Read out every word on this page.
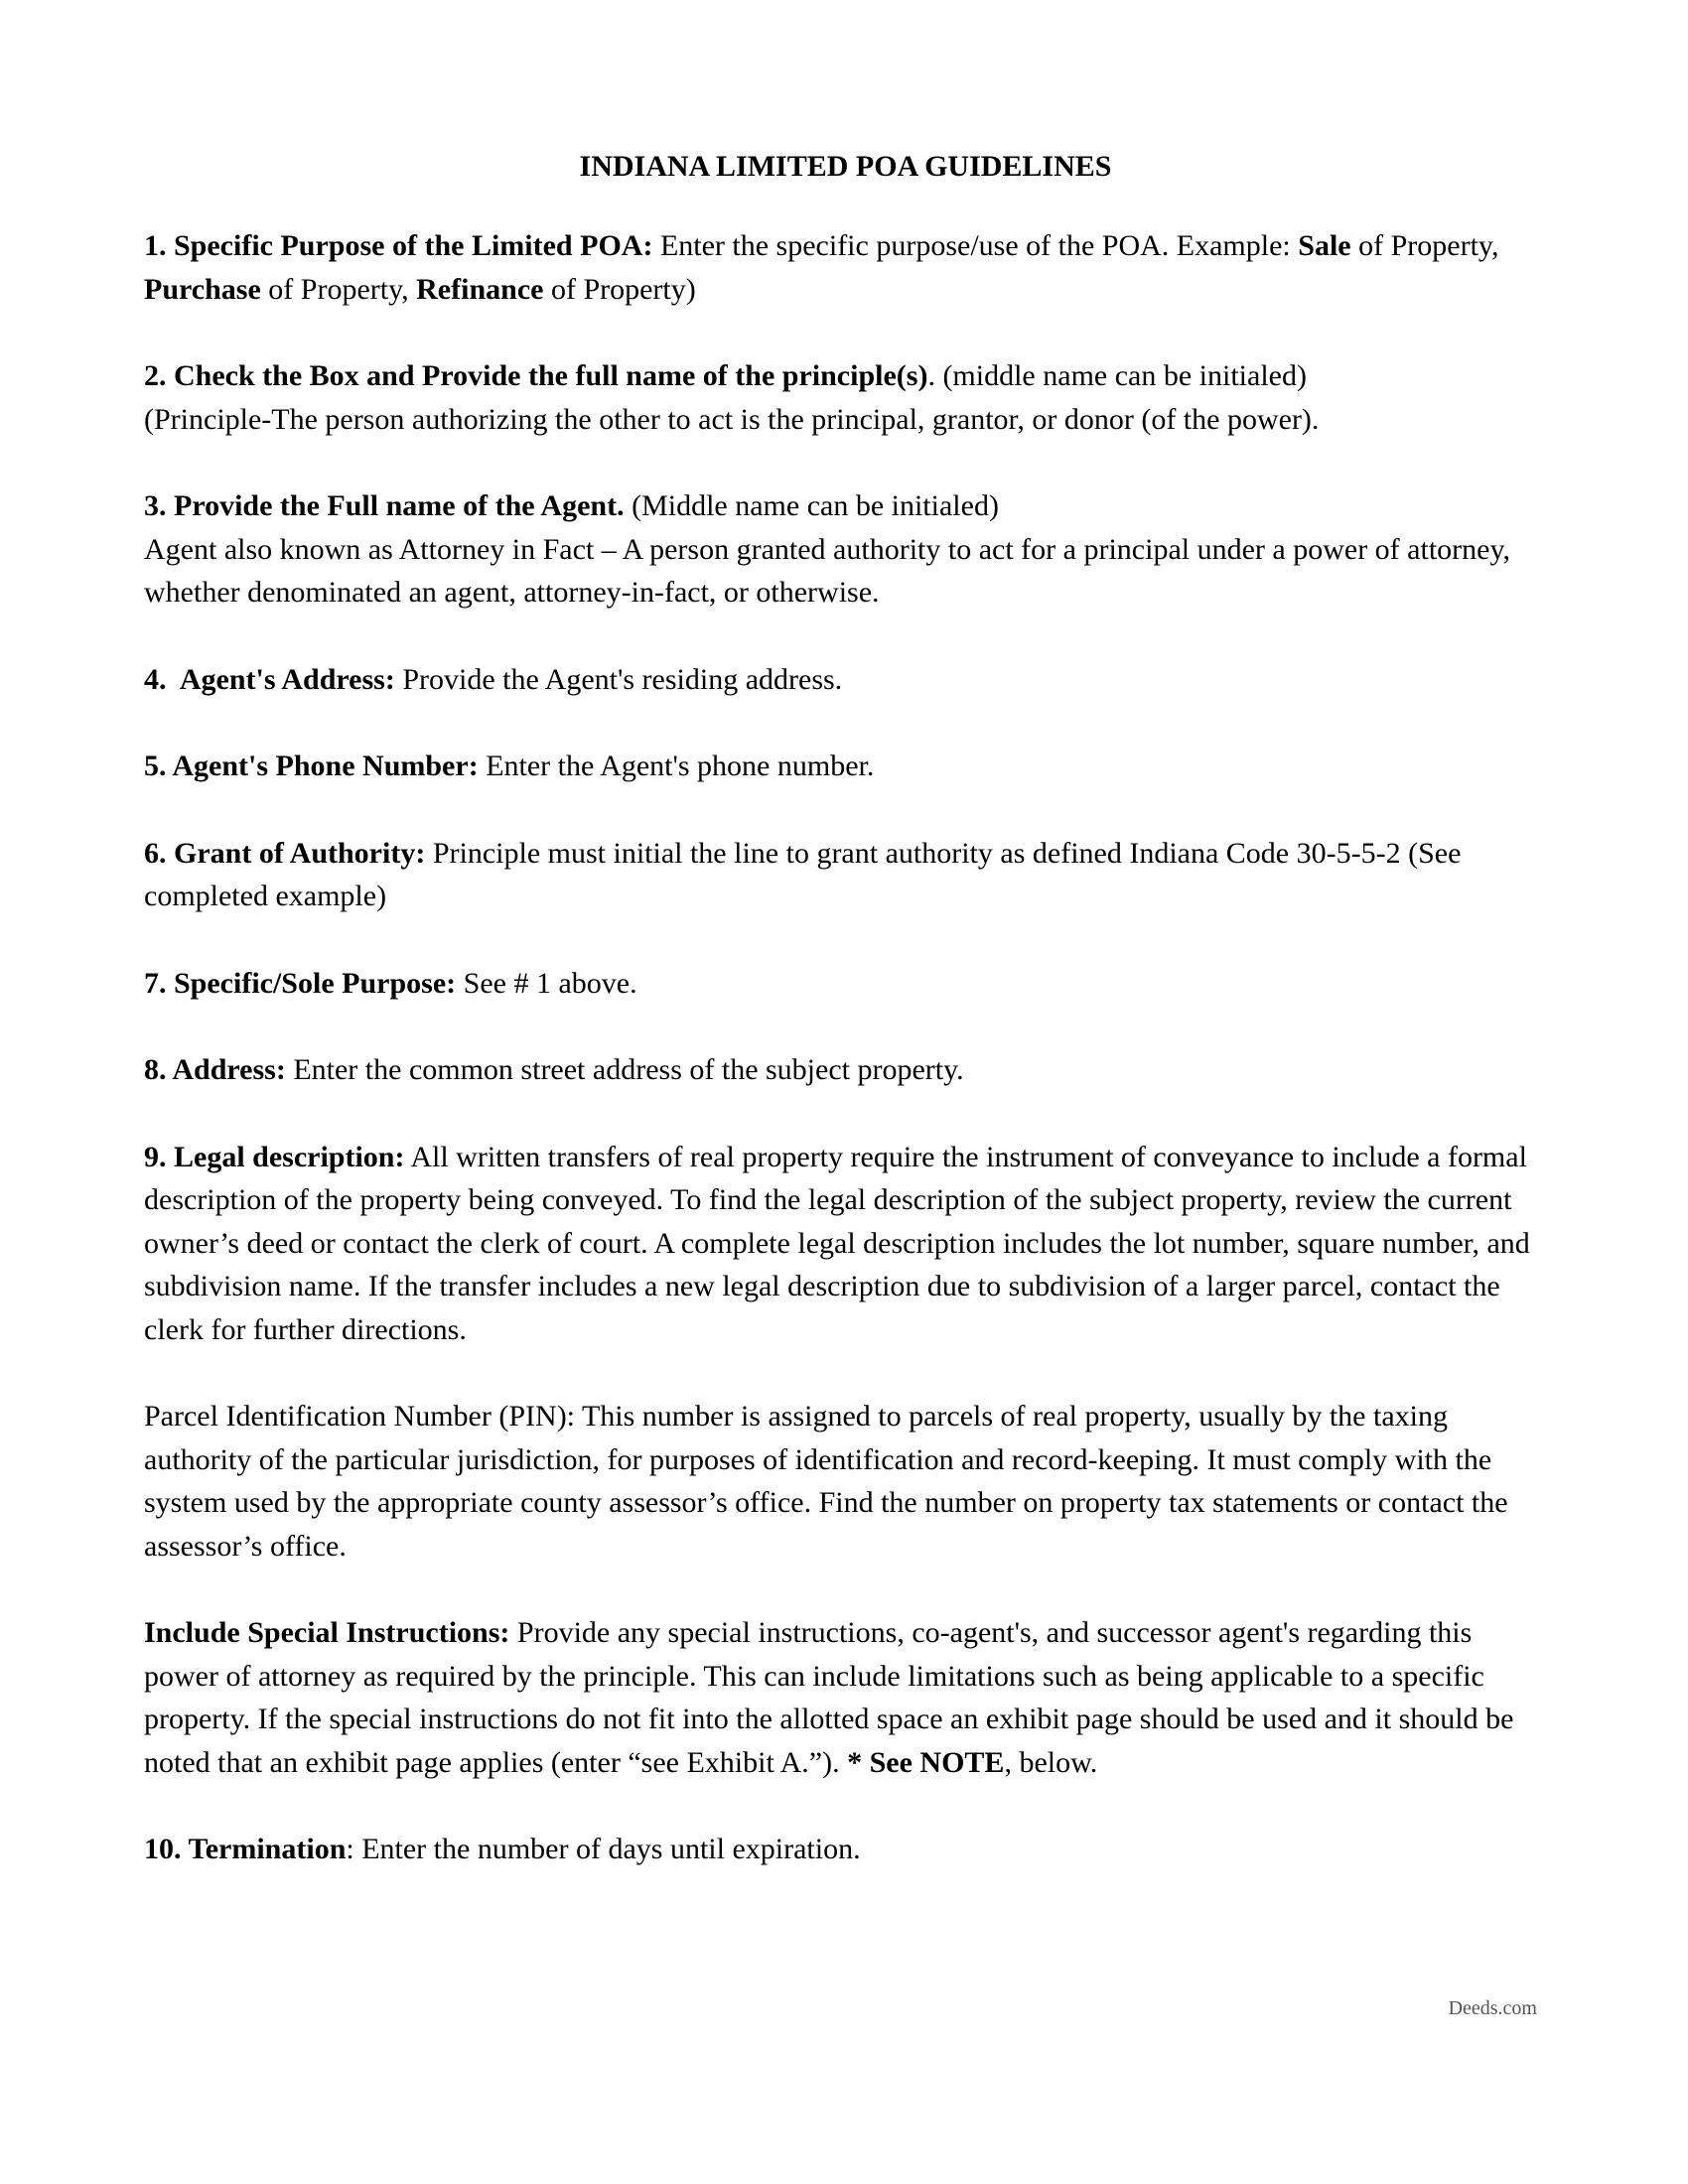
INDIANA LIMITED POA GUIDELINES

1. Specific Purpose of the Limited POA: Enter the specific purpose/use of the POA. Example: Sale of Property, Purchase of Property, Refinance of Property)

2. Check the Box and Provide the full name of the principle(s). (middle name can be initialed)
(Principle-The person authorizing the other to act is the principal, grantor, or donor (of the power).

3. Provide the Full name of the Agent. (Middle name can be initialed)
Agent also known as Attorney in Fact – A person granted authority to act for a principal under a power of attorney, whether denominated an agent, attorney-in-fact, or otherwise.

4.  Agent's Address: Provide the Agent's residing address.

5. Agent's Phone Number: Enter the Agent's phone number.

6. Grant of Authority: Principle must initial the line to grant authority as defined Indiana Code 30-5-5-2 (See completed example)

7. Specific/Sole Purpose: See # 1 above.

8. Address: Enter the common street address of the subject property.

9. Legal description: All written transfers of real property require the instrument of conveyance to include a formal description of the property being conveyed. To find the legal description of the subject property, review the current owner’s deed or contact the clerk of court. A complete legal description includes the lot number, square number, and subdivision name. If the transfer includes a new legal description due to subdivision of a larger parcel, contact the clerk for further directions.

Parcel Identification Number (PIN): This number is assigned to parcels of real property, usually by the taxing authority of the particular jurisdiction, for purposes of identification and record-keeping. It must comply with the system used by the appropriate county assessor’s office. Find the number on property tax statements or contact the assessor’s office.

Include Special Instructions: Provide any special instructions, co-agent's, and successor agent's regarding this power of attorney as required by the principle. This can include limitations such as being applicable to a specific property. If the special instructions do not fit into the allotted space an exhibit page should be used and it should be noted that an exhibit page applies (enter “see Exhibit A.”). * See NOTE, below.

10. Termination: Enter the number of days until expiration.

Deeds.com
